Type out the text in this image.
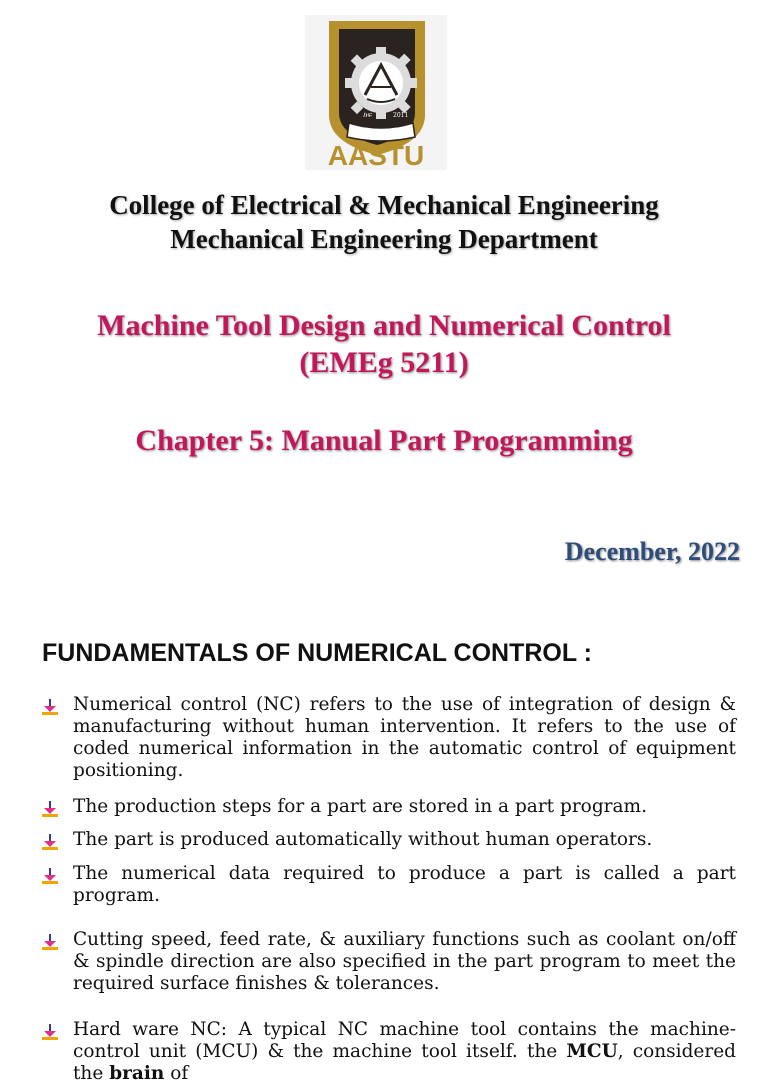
ከፍ	2011
AASTU
College of Electrical & Mechanical Engineering
Mechanical Engineering Department
Machine Tool Design and Numerical Control
(EMEg 5211)
Chapter 5: Manual Part Programming
December, 2022
FUNDAMENTALS OF NUMERICAL CONTROL :
Numerical control (NC) refers to the use of integration of design & manufacturing without human intervention. It refers to the use of coded numerical information in the automatic control of equipment positioning.
The production steps for a part are stored in a part program.
The part is produced automatically without human operators.
The numerical data required to produce a part is called a part program.
Cutting speed, feed rate, & auxiliary functions such as coolant on/off & spindle direction are also specified in the part program to meet the required surface finishes & tolerances.
Hard ware NC: A typical NC machine tool contains the machine-control unit (MCU) & the machine tool itself. the MCU, considered the brain of
